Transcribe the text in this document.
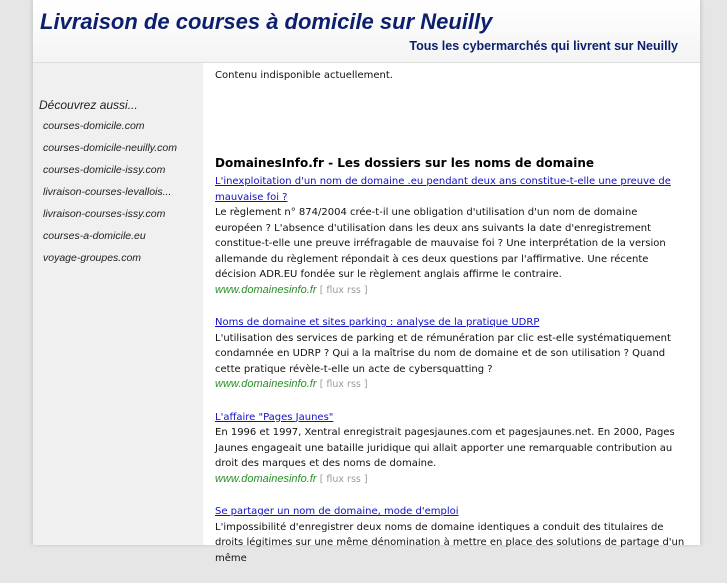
Livraison de courses à domicile sur Neuilly
Tous les cybermarchés qui livrent sur Neuilly

Découvrez aussi...

courses-domicile.com
courses-domicile-neuilly.com
courses-domicile-issy.com
livraison-courses-levallois...
livraison-courses-issy.com
courses-a-domicile.eu
voyage-groupes.com
Contenu indisponible actuellement.
DomainesInfo.fr - Les dossiers sur les noms de domaine
L'inexploitation d'un nom de domaine .eu pendant deux ans constitue-t-elle une preuve de mauvaise foi ?

Le règlement n° 874/2004 crée-t-il une obligation d'utilisation d'un nom de domaine européen ? L'absence d'utilisation dans les deux ans suivants la date d'enregistrement constitue-t-elle une preuve irréfragable de mauvaise foi ? Une interprétation de la version allemande du règlement répondait à ces deux questions par l'affirmative. Une récente décision ADR.EU fondée sur le règlement anglais affirme le contraire.

www.domainesinfo.fr [ flux rss ]
Noms de domaine et sites parking : analyse de la pratique UDRP

L'utilisation des services de parking et de rémunération par clic est-elle systématiquement condamnée en UDRP ? Qui a la maîtrise du nom de domaine et de son utilisation ? Quand cette pratique révèle-t-elle un acte de cybersquatting ?

www.domainesinfo.fr [ flux rss ]
L'affaire "Pages Jaunes"

En 1996 et 1997, Xentral enregistrait pagesjaunes.com et pagesjaunes.net. En 2000, Pages Jaunes engageait une bataille juridique qui allait apporter une remarquable contribution au droit des marques et des noms de domaine.

www.domainesinfo.fr [ flux rss ]
Se partager un nom de domaine, mode d'emploi

L'impossibilité d'enregistrer deux noms de domaine identiques a conduit des titulaires de droits légitimes sur une même dénomination à mettre en place des solutions de partage d'un même
